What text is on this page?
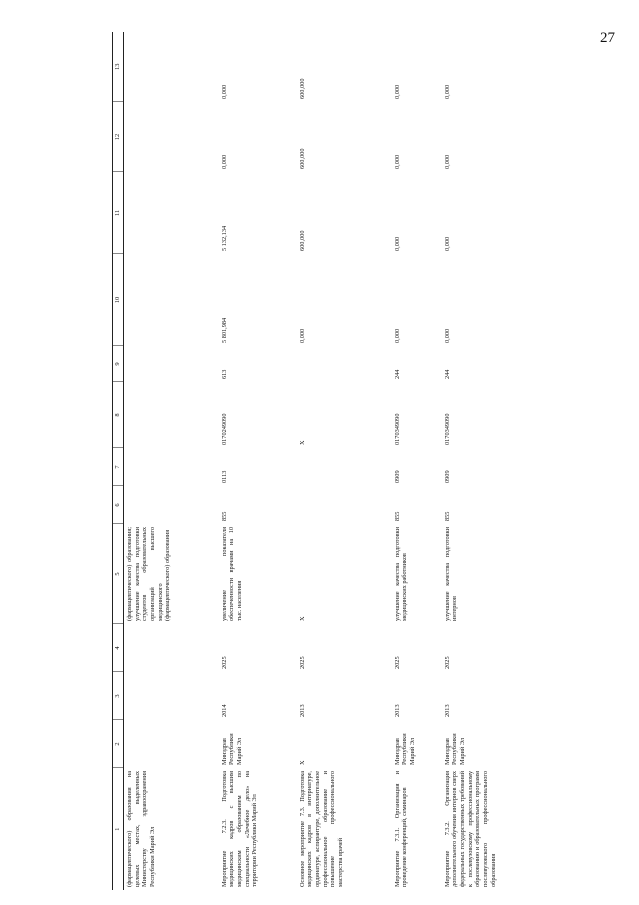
27
1	2	3	4	5	6	7	8	9	10	11	12	13
(фармацевтического) образования на целевых местах, выделенных Министерству здравоохранения Республики Марий Эл				(фармацевтического) образования; улучшение качества подготовки студентов образовательных организаций высшего медицинского (фармацевтического) образования								
Мероприятие 7.2.3. Подготовка медицинских кадров с высшим медицинским образованием по специальности «Лечебное дело» на территории Республики Марий Эл	Минздрав Республики Марий Эл	2014	2025	увеличение показателя обеспеченности врачами на 10 тыс. населения	855	0113	0170249090	613	5 801,984	5 132,134	0,000	0,000
Основное мероприятие 7.3. Подготовка медицинских кадров в интернатуре, ординатуре, аспирантуре, дополнительное профессиональное образование и повышение профессионального мастерства врачей	X	2013	2025	X			X		0,000	600,000	600,000	600,000
Мероприятие 7.3.1. Организация и проведение конференций, семинаров	Минздрав Республики Марий Эл	2013	2025	улучшение качества подготовки медицинских работников	855	0909	0170349090	244	0,000	0,000	0,000	0,000
Мероприятие 7.3.2. Организация дополнительного обучения интернов сверх федеральных государственных требований к послевузовскому профессиональному образованию и образовательных программ послевузовского профессионального образования	Минздрав Республики Марий Эл	2013	2025	улучшение качества подготовки интернов	855	0909	0170349090	244	0,000	0,000	0,000	0,000
